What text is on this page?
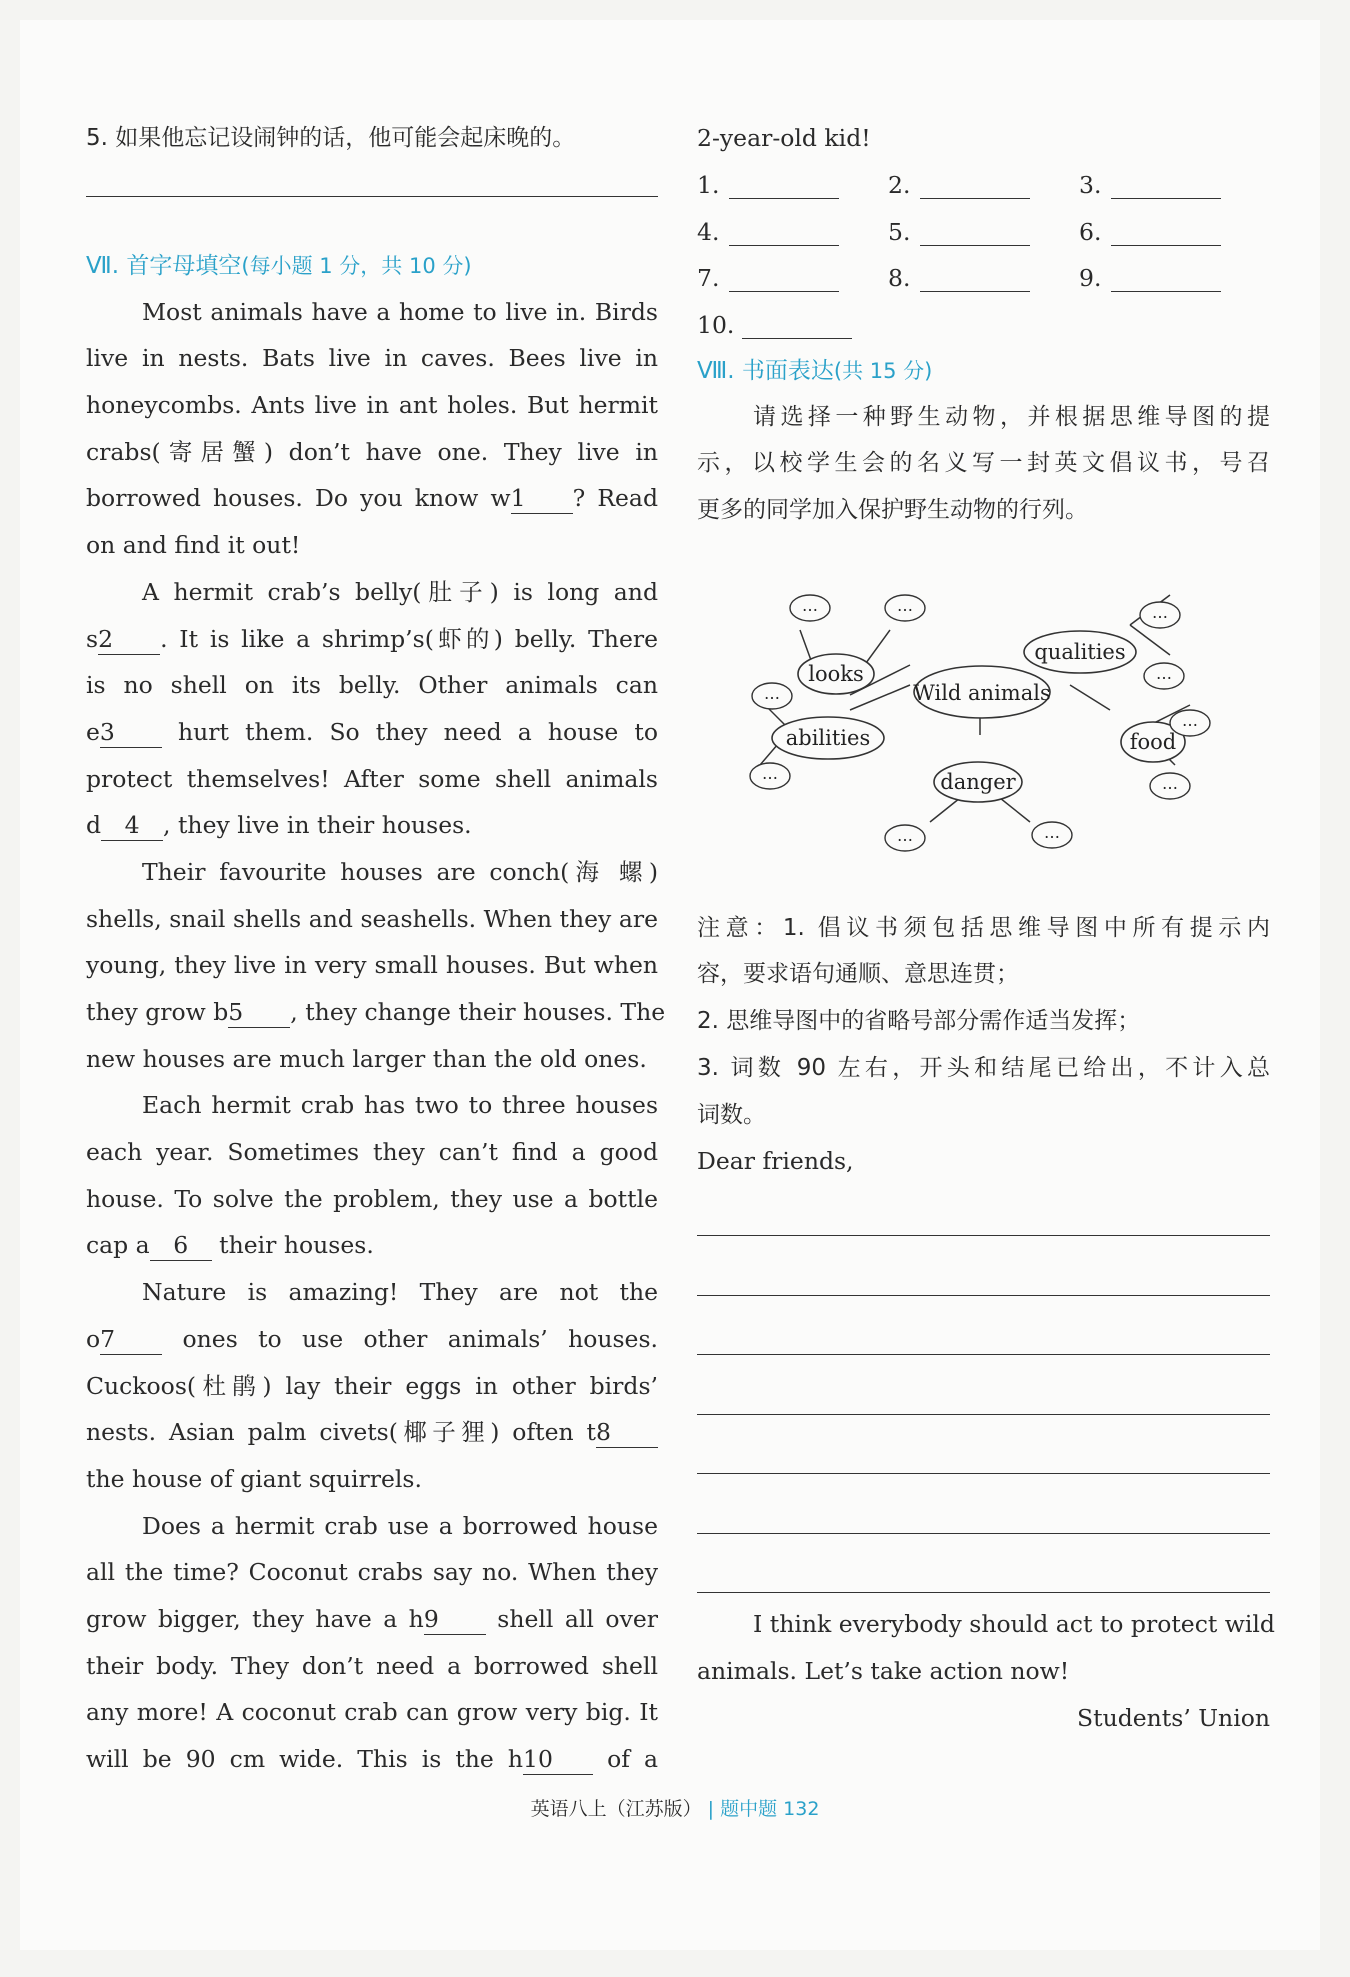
5. 如果他忘记设闹钟的话，他可能会起床晚的。
Ⅶ. 首字母填空(每小题 1 分，共 10 分)
Most animals have a home to live in. Birds
live in nests. Bats live in caves. Bees live in
honeycombs. Ants live in ant holes. But hermit
crabs(寄居蟹) don’t have one. They live in
borrowed houses. Do you know w1 ? Read
on and find it out!
A hermit crab’s belly(肚子) is long and
s2 . It is like a shrimp’s(虾的) belly. There
is no shell on its belly. Other animals can
e3 hurt them. So they need a house to
protect themselves! After some shell animals
d 4 , they live in their houses.
Their favourite houses are conch(海 螺)
shells, snail shells and seashells. When they are
young, they live in very small houses. But when
they grow b5 , they change their houses. The
new houses are much larger than the old ones.
Each hermit crab has two to three houses
each year. Sometimes they can’t find a good
house. To solve the problem, they use a bottle
cap a 6 their houses.
Nature is amazing! They are not the
o7 ones to use other animals’ houses.
Cuckoos(杜鹃) lay their eggs in other birds’
nests. Asian palm civets(椰子狸) often t8
the house of giant squirrels.
Does a hermit crab use a borrowed house
all the time? Coconut crabs say no. When they
grow bigger, they have a h9 shell all over
their body. They don’t need a borrowed shell
any more! A coconut crab can grow very big. It
will be 90 cm wide. This is the h10 of a
2-year-old kid!
1.	2.	3.
4.	5.	6.
7.	8.	9.
10.
Ⅷ. 书面表达(共 15 分)
请选择一种野生动物，并根据思维导图的提
示，以校学生会的名义写一封英文倡议书，号召
更多的同学加入保护野生动物的行列。
注意：1. 倡议书须包括思维导图中所有提示内
容，要求语句通顺、意思连贯；
2. 思维导图中的省略号部分需作适当发挥；
3. 词数 90 左右，开头和结尾已给出，不计入总
词数。
Dear friends,
I think everybody should act to protect wild
animals. Let’s take action now!
Students’ Union
Wild animals
looks
qualities
abilities	food
danger
…	…	…
…
…
…
…
…
…	…
英语八上（江苏版） | 题中题 132
